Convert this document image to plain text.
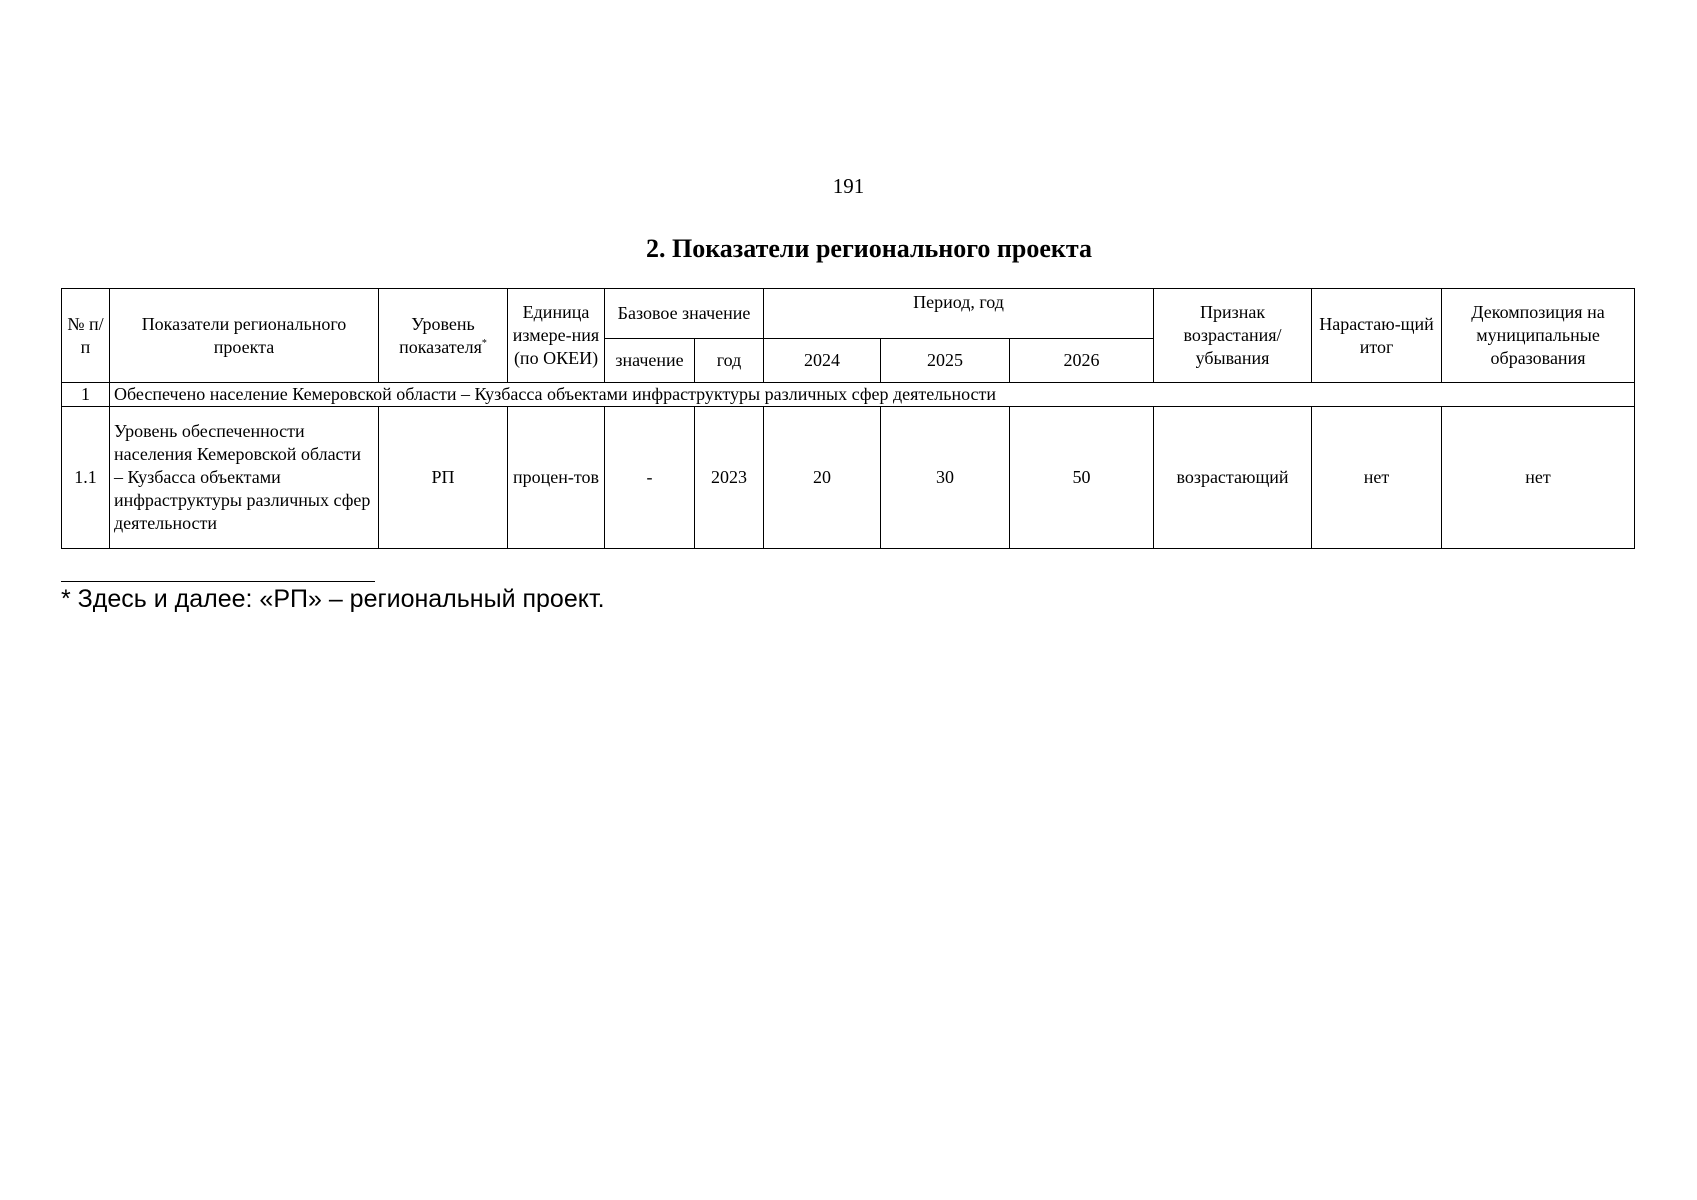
191
2. Показатели регионального проекта
№ п/п	Показатели регионального проекта	Уровень показателя*	Единица измере-ния (по ОКЕИ)	Базовое значение		Период, год			Признак возрастания/ убывания	Нарастаю-щий итог	Декомпозиция на муниципальные образования
				значение	год	2024	2025	2026			
1	Обеспечено население Кемеровской области – Кузбасса объектами инфраструктуры различных сфер деятельности										
1.1	Уровень обеспеченности населения Кемеровской области – Кузбасса объектами инфраструктуры различных сфер деятельности	РП	процен-тов	-	2023	20	30	50	возрастающий	нет	нет
* Здесь и далее: «РП» – региональный проект.
